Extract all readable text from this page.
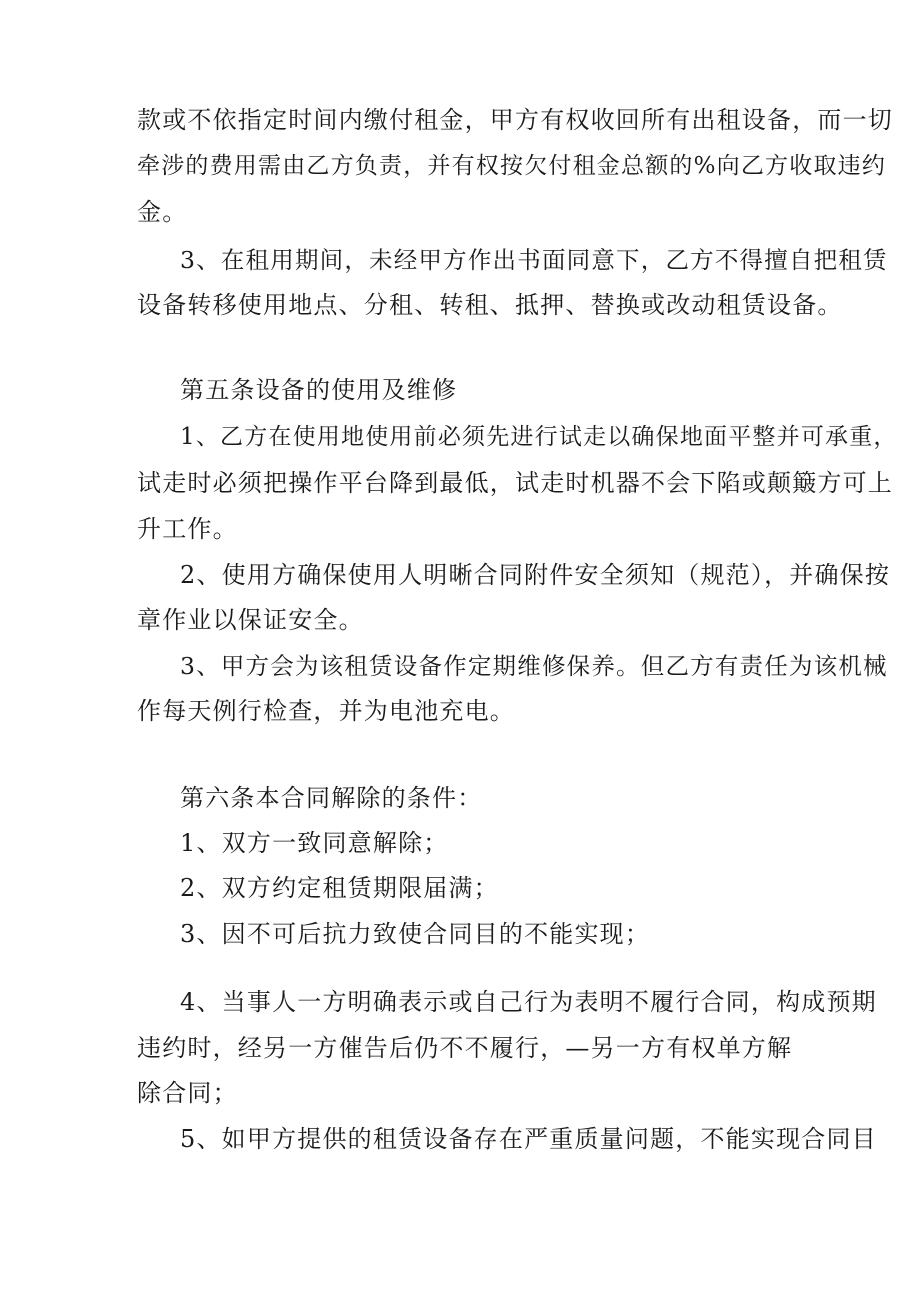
款或不依指定时间内缴付租金，甲方有权收回所有出租设备，而一切
牵涉的费用需由乙方负责，并有权按欠付租金总额的%向乙方收取违约
金。
3、在租用期间，未经甲方作出书面同意下，乙方不得擅自把租赁
设备转移使用地点、分租、转租、抵押、替换或改动租赁设备。
第五条设备的使用及维修
1、乙方在使用地使用前必须先进行试走以确保地面平整并可承重，
试走时必须把操作平台降到最低，试走时机器不会下陷或颠簸方可上
升工作。
2、使用方确保使用人明晰合同附件安全须知（规范），并确保按
章作业以保证安全。
3、甲方会为该租赁设备作定期维修保养。但乙方有责任为该机械
作每天例行检查，并为电池充电。
第六条本合同解除的条件：
1、双方一致同意解除；
2、双方约定租赁期限届满；
3、因不可后抗力致使合同目的不能实现；
4、当事人一方明确表示或自己行为表明不履行合同，构成预期
违约时，经另一方催告后仍不不履行，—另一方有权单方解
除合同；
5、如甲方提供的租赁设备存在严重质量问题，不能实现合同目
